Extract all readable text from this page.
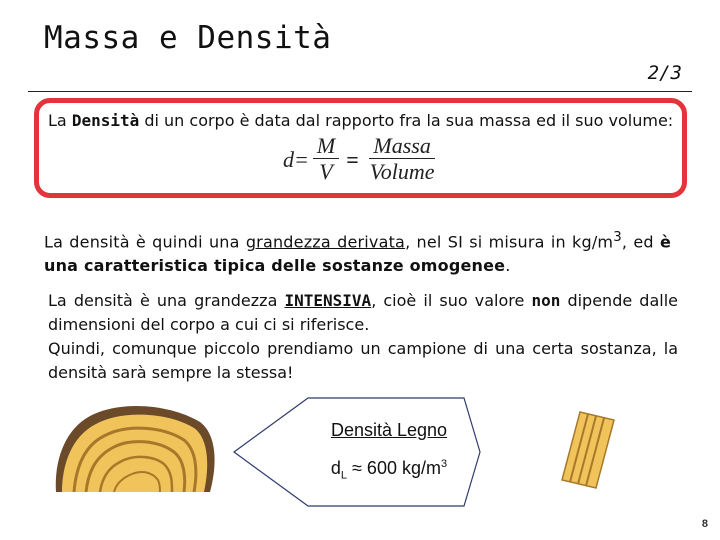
Massa e Densità
2/3
La Densità di un corpo è data dal rapporto fra la sua massa ed il suo volume:
$d= \frac{M}{V} = \frac{\text{Massa}}{\text{Volume}}$
La densità è quindi una grandezza derivata, nel SI si misura in $kg/m^3$, ed è una caratteristica tipica delle sostanze omogenee.

La densità è una grandezza INTENSIVA, cioè il suo valore non dipende dalle dimensioni del corpo a cui ci si riferisce.

Quindi, comunque piccolo prendiamo un campione di una certa sostanza, la densità sarà sempre la stessa!

Densità Legno
$d_L \approx 600$ $kg/m^3$
8
